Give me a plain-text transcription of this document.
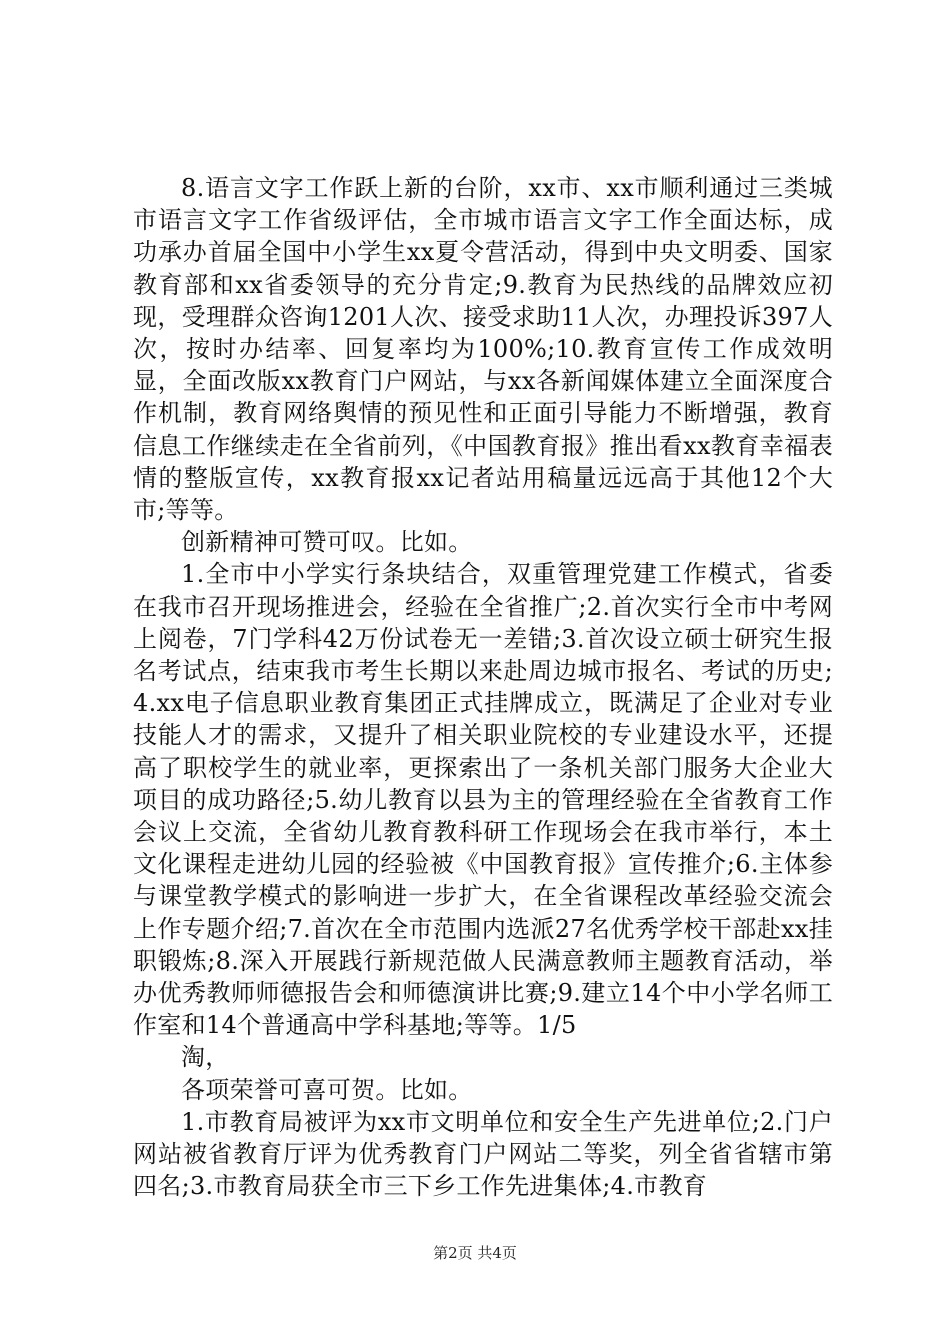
8.语言文字工作跃上新的台阶，xx市、xx市顺利通过三类城市语言文字工作省级评估，全市城市语言文字工作全面达标，成功承办首届全国中小学生xx夏令营活动，得到中央文明委、国家教育部和xx省委领导的充分肯定;9.教育为民热线的品牌效应初现，受理群众咨询1201人次、接受求助11人次，办理投诉397人次，按时办结率、回复率均为100%;10.教育宣传工作成效明显，全面改版xx教育门户网站，与xx各新闻媒体建立全面深度合作机制，教育网络舆情的预见性和正面引导能力不断增强，教育信息工作继续走在全省前列，《中国教育报》推出看xx教育幸福表情的整版宣传，xx教育报xx记者站用稿量远远高于其他12个大市;等等。

创新精神可赞可叹。比如。

1.全市中小学实行条块结合，双重管理党建工作模式，省委在我市召开现场推进会，经验在全省推广;2.首次实行全市中考网上阅卷，7门学科42万份试卷无一差错;3.首次设立硕士研究生报名考试点，结束我市考生长期以来赴周边城市报名、考试的历史;4.xx电子信息职业教育集团正式挂牌成立，既满足了企业对专业技能人才的需求，又提升了相关职业院校的专业建设水平，还提高了职校学生的就业率，更探索出了一条机关部门服务大企业大项目的成功路径;5.幼儿教育以县为主的管理经验在全省教育工作会议上交流，全省幼儿教育教科研工作现场会在我市举行，本土文化课程走进幼儿园的经验被《中国教育报》宣传推介;6.主体参与课堂教学模式的影响进一步扩大，在全省课程改革经验交流会上作专题介绍;7.首次在全市范围内选派27名优秀学校干部赴xx挂职锻炼;8.深入开展践行新规范做人民满意教师主题教育活动，举办优秀教师师德报告会和师德演讲比赛;9.建立14个中小学名师工作室和14个普通高中学科基地;等等。1/5

淘，

各项荣誉可喜可贺。比如。

1.市教育局被评为xx市文明单位和安全生产先进单位;2.门户网站被省教育厅评为优秀教育门户网站二等奖，列全省省辖市第四名;3.市教育局获全市三下乡工作先进集体;4.市教育

第2页 共4页
